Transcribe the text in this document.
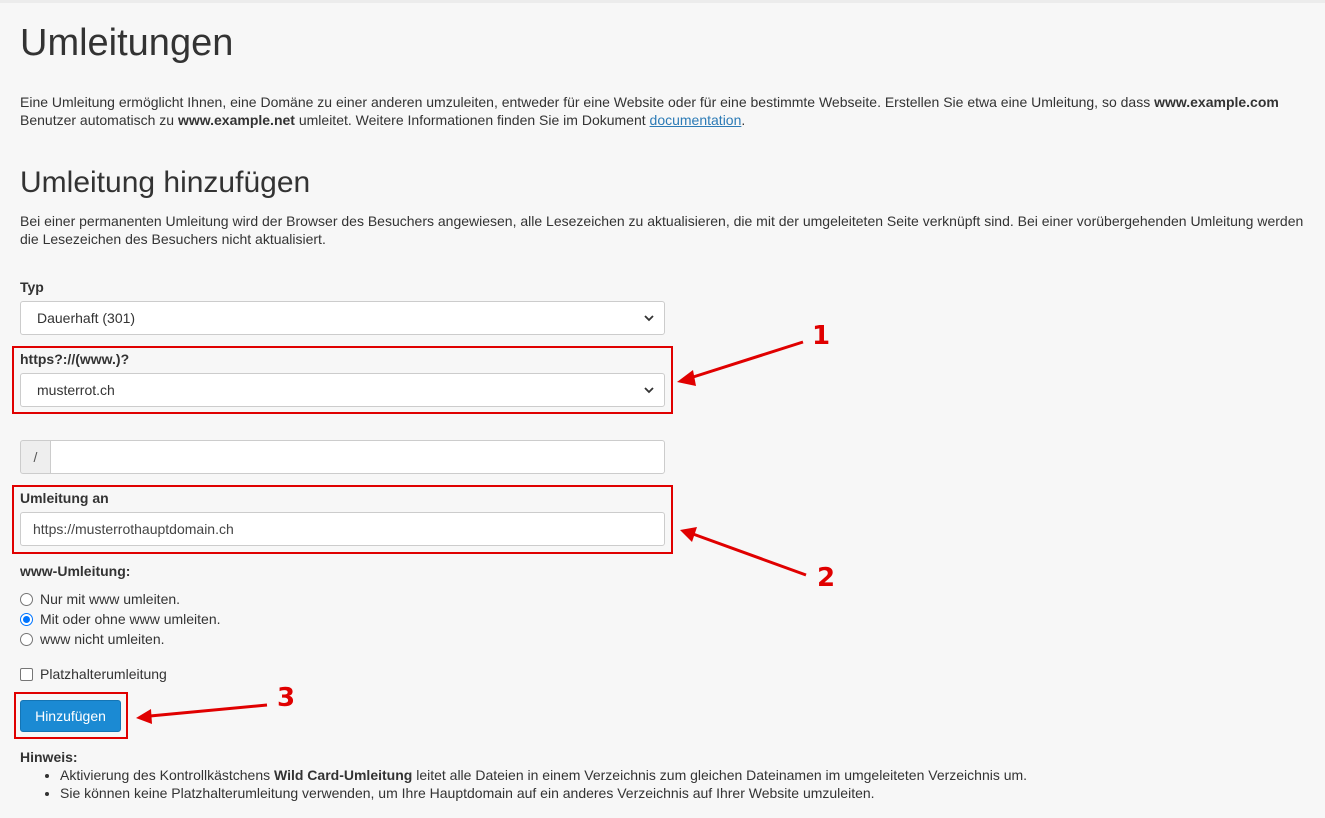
Umleitungen

Eine Umleitung ermöglicht Ihnen, eine Domäne zu einer anderen umzuleiten, entweder für eine Website oder für eine bestimmte Webseite. Erstellen Sie etwa eine Umleitung, so dass www.example.com Benutzer automatisch zu www.example.net umleitet. Weitere Informationen finden Sie im Dokument documentation.

Umleitung hinzufügen

Bei einer permanenten Umleitung wird der Browser des Besuchers angewiesen, alle Lesezeichen zu aktualisieren, die mit der umgeleiteten Seite verknüpft sind. Bei einer vorübergehenden Umleitung werden die Lesezeichen des Besuchers nicht aktualisiert.

Typ
Dauerhaft (301)
https?://(www.)?
musterrot.ch
/
Umleitung an
https://musterrothauptdomain.ch
www-Umleitung:
Nur mit www umleiten.
Mit oder ohne www umleiten.
www nicht umleiten.
Platzhalterumleitung
Hinzufügen
1
2
3
Hinweis:
• Aktivierung des Kontrollkästchens Wild Card-Umleitung leitet alle Dateien in einem Verzeichnis zum gleichen Dateinamen im umgeleiteten Verzeichnis um.
• Sie können keine Platzhalterumleitung verwenden, um Ihre Hauptdomain auf ein anderes Verzeichnis auf Ihrer Website umzuleiten.
